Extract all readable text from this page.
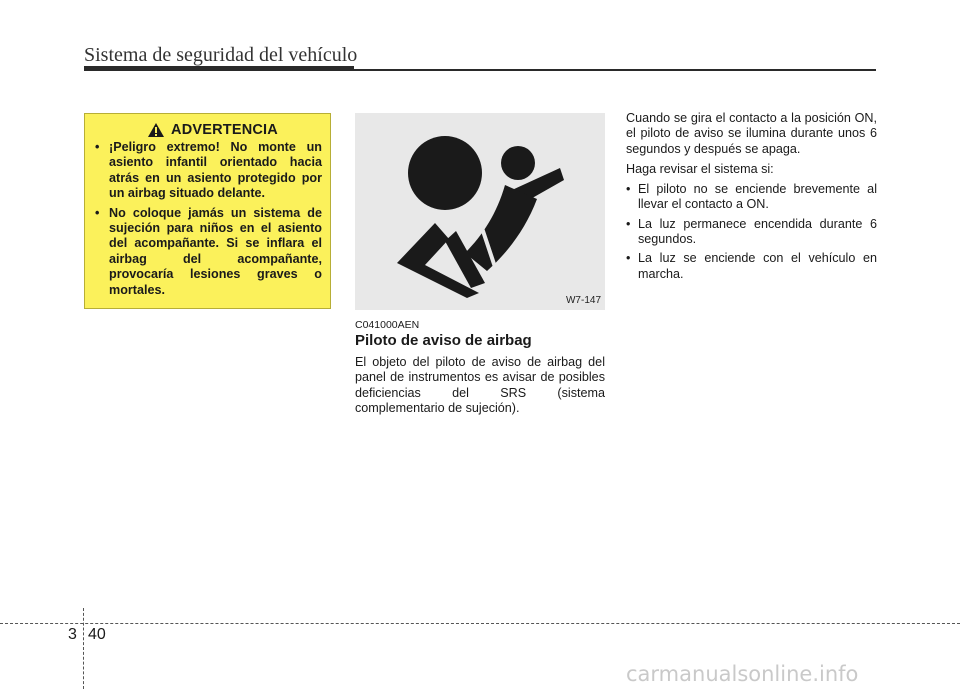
Sistema de seguridad del vehículo
ADVERTENCIA
• ¡Peligro extremo! No monte un asiento infantil orientado hacia atrás en un asiento protegido por un airbag situado delante.
• No coloque jamás un sistema de sujeción para niños en el asiento del acompañante. Si se inflara el airbag del acompañante, provocaría lesiones graves o mortales.
W7-147
C041000AEN
Piloto de aviso de airbag

El objeto del piloto de aviso de airbag del panel de instrumentos es avisar de posibles deficiencias del SRS (sistema complementario de sujeción).

Cuando se gira el contacto a la posición ON, el piloto de aviso se ilumina durante unos 6 segundos y después se apaga.

Haga revisar el sistema si:

• El piloto no se enciende brevemente al llevar el contacto a ON.
• La luz permanece encendida durante 6 segundos.
• La luz se enciende con el vehículo en marcha.
3 40
carmanualsonline.info
